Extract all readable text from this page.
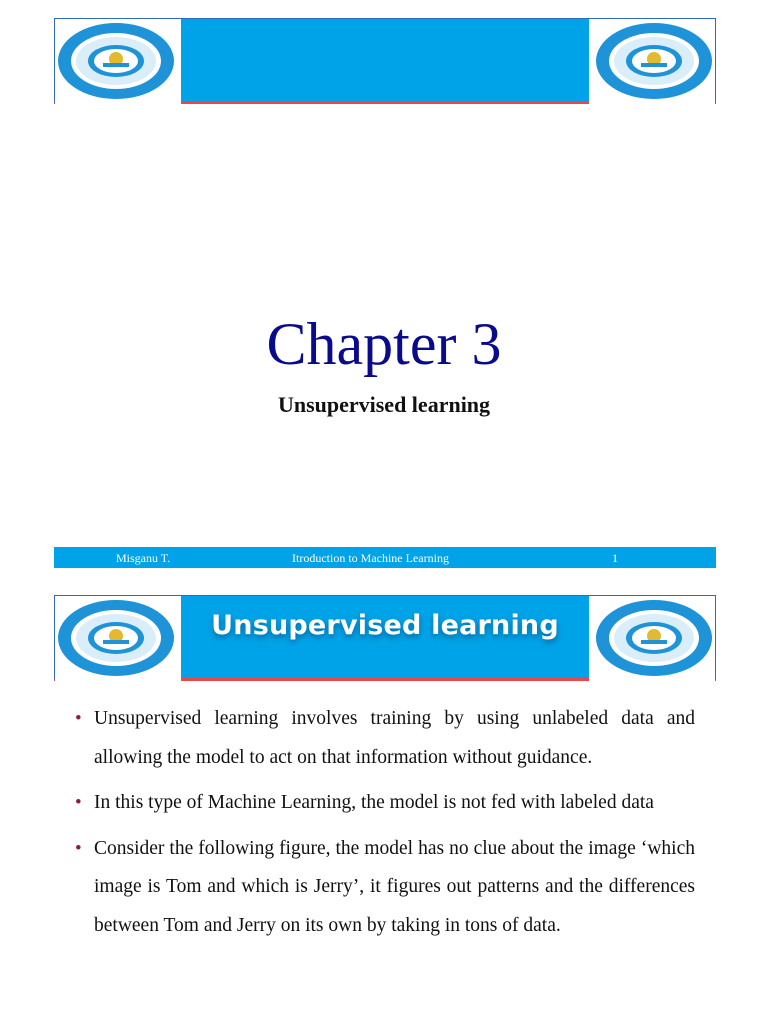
Chapter 3
Unsupervised learning
Misganu T.	Itroduction to Machine Learning	1
Unsupervised learning
• Unsupervised learning involves training by using unlabeled data and allowing the model to act on that information without guidance.
• In this type of Machine Learning, the model is not fed with labeled data
• Consider the following figure, the model has no clue about the image ‘which image is Tom and which is Jerry’, it figures out patterns and the differences between Tom and Jerry on its own by taking in tons of data.
